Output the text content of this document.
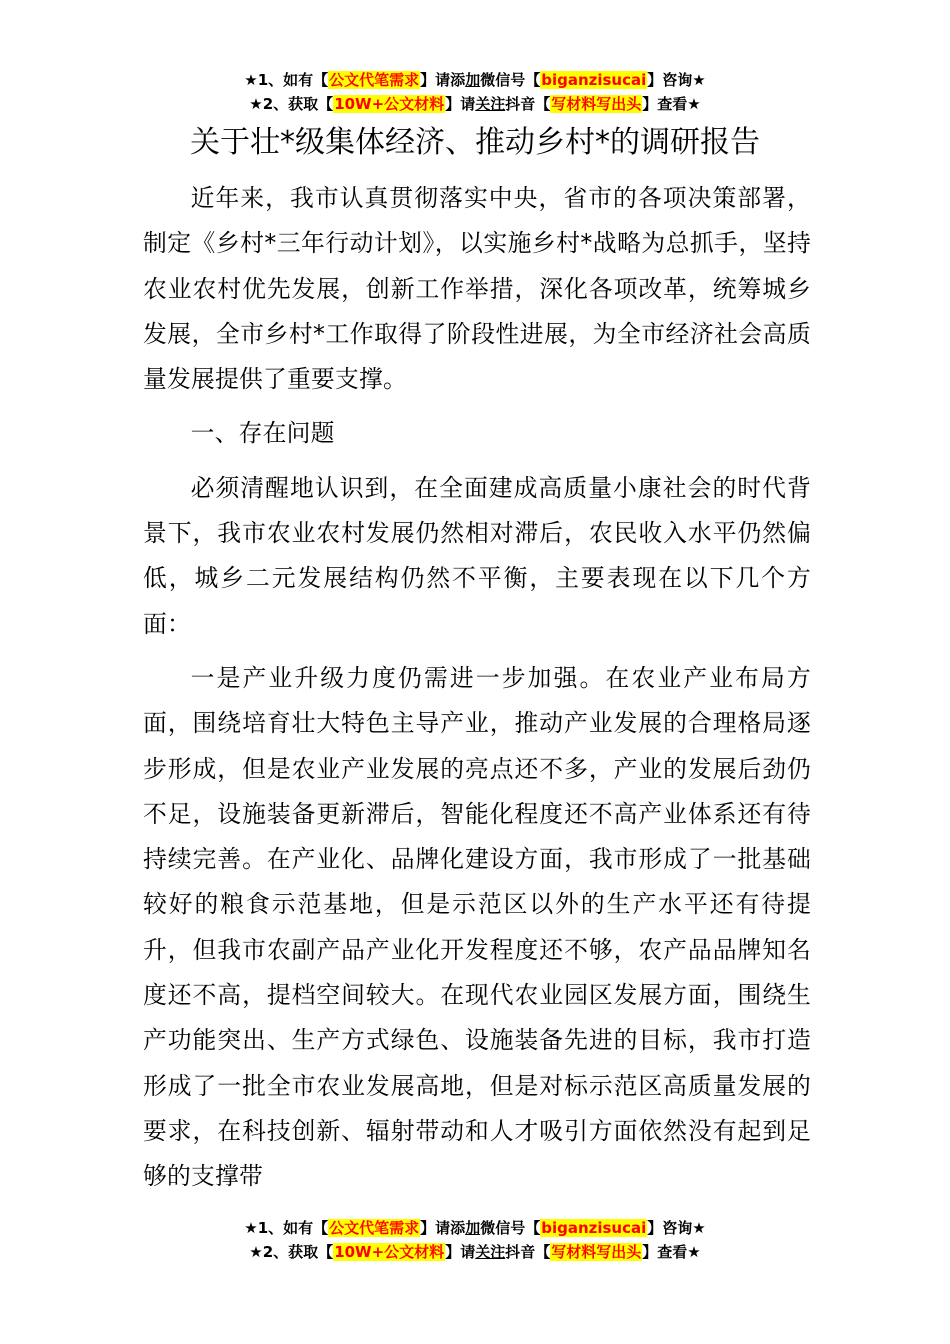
★1、如有【公文代笔需求】请添加微信号【biganzisucai】咨询★
★2、获取【10W+公文材料】请关注抖音【写材料写出头】查看★
关于壮*级集体经济、推动乡村*的调研报告

近年来，我市认真贯彻落实中央，省市的各项决策部署，制定《乡村*三年行动计划》，以实施乡村*战略为总抓手，坚持农业农村优先发展，创新工作举措，深化各项改革，统筹城乡发展，全市乡村*工作取得了阶段性进展，为全市经济社会高质量发展提供了重要支撑。

一、存在问题

必须清醒地认识到，在全面建成高质量小康社会的时代背景下，我市农业农村发展仍然相对滞后，农民收入水平仍然偏低，城乡二元发展结构仍然不平衡，主要表现在以下几个方面：

一是产业升级力度仍需进一步加强。在农业产业布局方面，围绕培育壮大特色主导产业，推动产业发展的合理格局逐步形成，但是农业产业发展的亮点还不多，产业的发展后劲仍不足，设施装备更新滞后，智能化程度还不高产业体系还有待持续完善。在产业化、品牌化建设方面，我市形成了一批基础较好的粮食示范基地，但是示范区以外的生产水平还有待提升，但我市农副产品产业化开发程度还不够，农产品品牌知名度还不高，提档空间较大。在现代农业园区发展方面，围绕生产功能突出、生产方式绿色、设施装备先进的目标，我市打造形成了一批全市农业发展高地，但是对标示范区高质量发展的要求，在科技创新、辐射带动和人才吸引方面依然没有起到足够的支撑带

★1、如有【公文代笔需求】请添加微信号【biganzisucai】咨询★
★2、获取【10W+公文材料】请关注抖音【写材料写出头】查看★
